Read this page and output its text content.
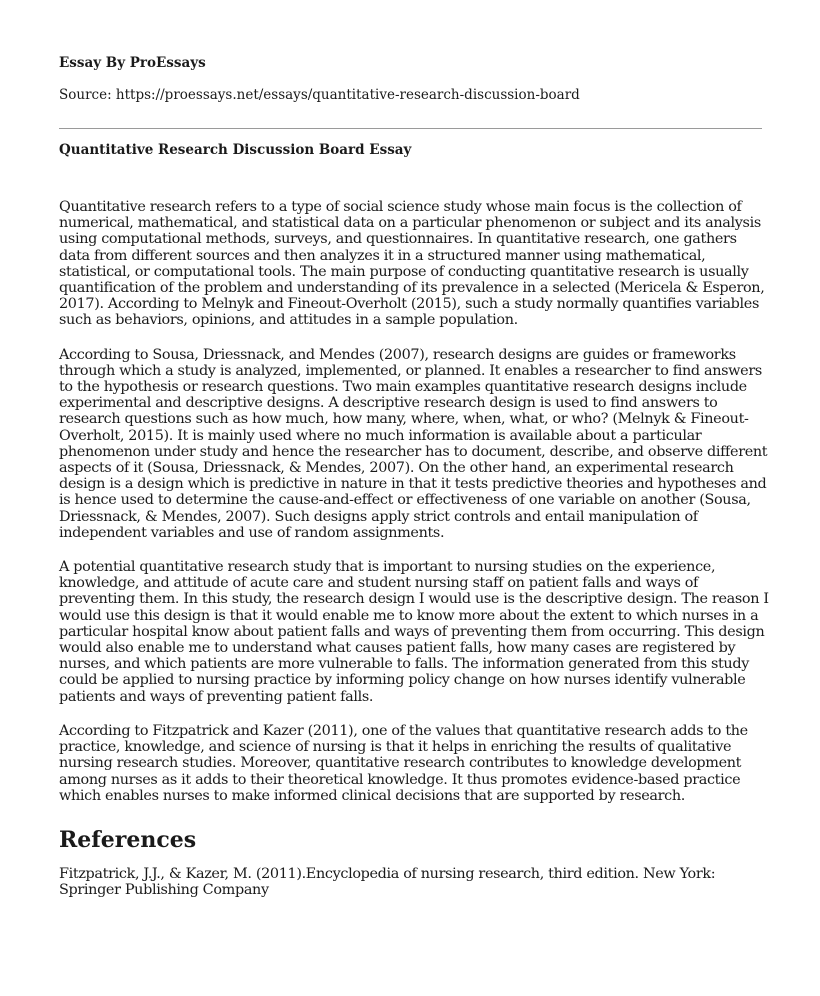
Essay By ProEssays
Source: https://proessays.net/essays/quantitative-research-discussion-board
Quantitative Research Discussion Board Essay

Quantitative research refers to a type of social science study whose main focus is the collection of numerical, mathematical, and statistical data on a particular phenomenon or subject and its analysis using computational methods, surveys, and questionnaires. In quantitative research, one gathers data from different sources and then analyzes it in a structured manner using mathematical, statistical, or computational tools. The main purpose of conducting quantitative research is usually quantification of the problem and understanding of its prevalence in a selected (Mericela & Esperon, 2017). According to Melnyk and Fineout-Overholt (2015), such a study normally quantifies variables such as behaviors, opinions, and attitudes in a sample population.

According to Sousa, Driessnack, and Mendes (2007), research designs are guides or frameworks through which a study is analyzed, implemented, or planned. It enables a researcher to find answers to the hypothesis or research questions. Two main examples quantitative research designs include experimental and descriptive designs. A descriptive research design is used to find answers to research questions such as how much, how many, where, when, what, or who? (Melnyk & Fineout-Overholt, 2015). It is mainly used where no much information is available about a particular phenomenon under study and hence the researcher has to document, describe, and observe different aspects of it (Sousa, Driessnack, & Mendes, 2007). On the other hand, an experimental research design is a design which is predictive in nature in that it tests predictive theories and hypotheses and is hence used to determine the cause-and-effect or effectiveness of one variable on another (Sousa, Driessnack, & Mendes, 2007). Such designs apply strict controls and entail manipulation of independent variables and use of random assignments.

A potential quantitative research study that is important to nursing studies on the experience, knowledge, and attitude of acute care and student nursing staff on patient falls and ways of preventing them. In this study, the research design I would use is the descriptive design. The reason I would use this design is that it would enable me to know more about the extent to which nurses in a particular hospital know about patient falls and ways of preventing them from occurring. This design would also enable me to understand what causes patient falls, how many cases are registered by nurses, and which patients are more vulnerable to falls. The information generated from this study could be applied to nursing practice by informing policy change on how nurses identify vulnerable patients and ways of preventing patient falls.

According to Fitzpatrick and Kazer (2011), one of the values that quantitative research adds to the practice, knowledge, and science of nursing is that it helps in enriching the results of qualitative nursing research studies. Moreover, quantitative research contributes to knowledge development among nurses as it adds to their theoretical knowledge. It thus promotes evidence-based practice which enables nurses to make informed clinical decisions that are supported by research.

References

Fitzpatrick, J.J., & Kazer, M. (2011).Encyclopedia of nursing research, third edition. New York: Springer Publishing Company
